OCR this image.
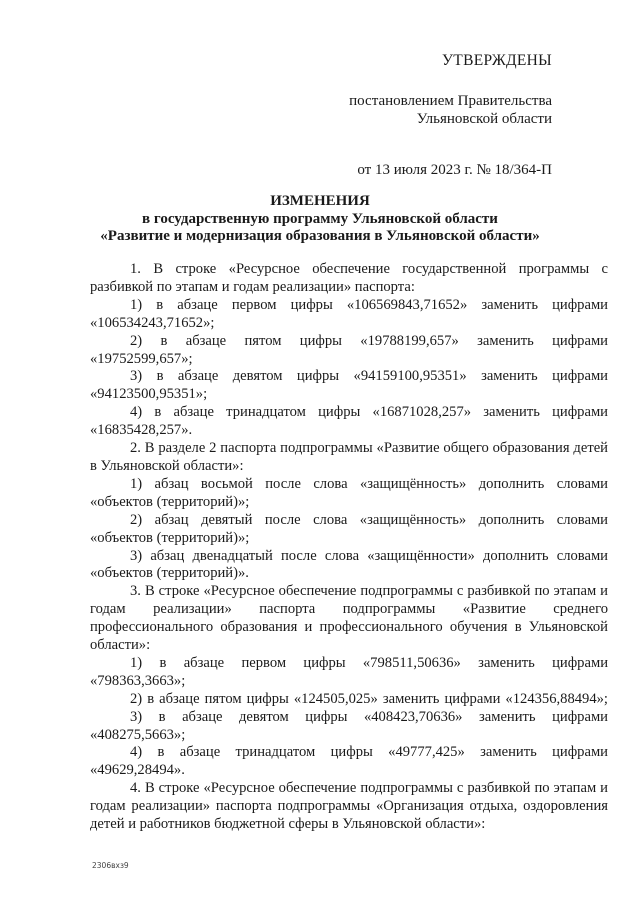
УТВЕРЖДЕНЫ
постановлением Правительства
Ульяновской области
от 13 июля 2023 г. № 18/364-П
ИЗМЕНЕНИЯ
в государственную программу Ульяновской области
«Развитие и модернизация образования в Ульяновской области»

1. В строке «Ресурсное обеспечение государственной программы с разбивкой по этапам и годам реализации» паспорта:

1) в абзаце первом цифры «106569843,71652» заменить цифрами «106534243,71652»;

2) в абзаце пятом цифры «19788199,657» заменить цифрами «19752599,657»;

3) в абзаце девятом цифры «94159100,95351» заменить цифрами «94123500,95351»;

4) в абзаце тринадцатом цифры «16871028,257» заменить цифрами «16835428,257».

2. В разделе 2 паспорта подпрограммы «Развитие общего образования детей в Ульяновской области»:

1) абзац восьмой после слова «защищённость» дополнить словами «объектов (территорий)»;

2) абзац девятый после слова «защищённость» дополнить словами «объектов (территорий)»;

3) абзац двенадцатый после слова «защищённости» дополнить словами «объектов (территорий)».

3. В строке «Ресурсное обеспечение подпрограммы с разбивкой по этапам и годам реализации» паспорта подпрограммы «Развитие среднего профессионального образования и профессионального обучения в Ульяновской области»:

1) в абзаце первом цифры «798511,50636» заменить цифрами «798363,3663»;

2) в абзаце пятом цифры «124505,025» заменить цифрами «124356,88494»;

3) в абзаце девятом цифры «408423,70636» заменить цифрами «408275,5663»;

4) в абзаце тринадцатом цифры «49777,425» заменить цифрами «49629,28494».

4. В строке «Ресурсное обеспечение подпрограммы с разбивкой по этапам и годам реализации» паспорта подпрограммы «Организация отдыха, оздоровления детей и работников бюджетной сферы в Ульяновской области»:

2306вхз9
